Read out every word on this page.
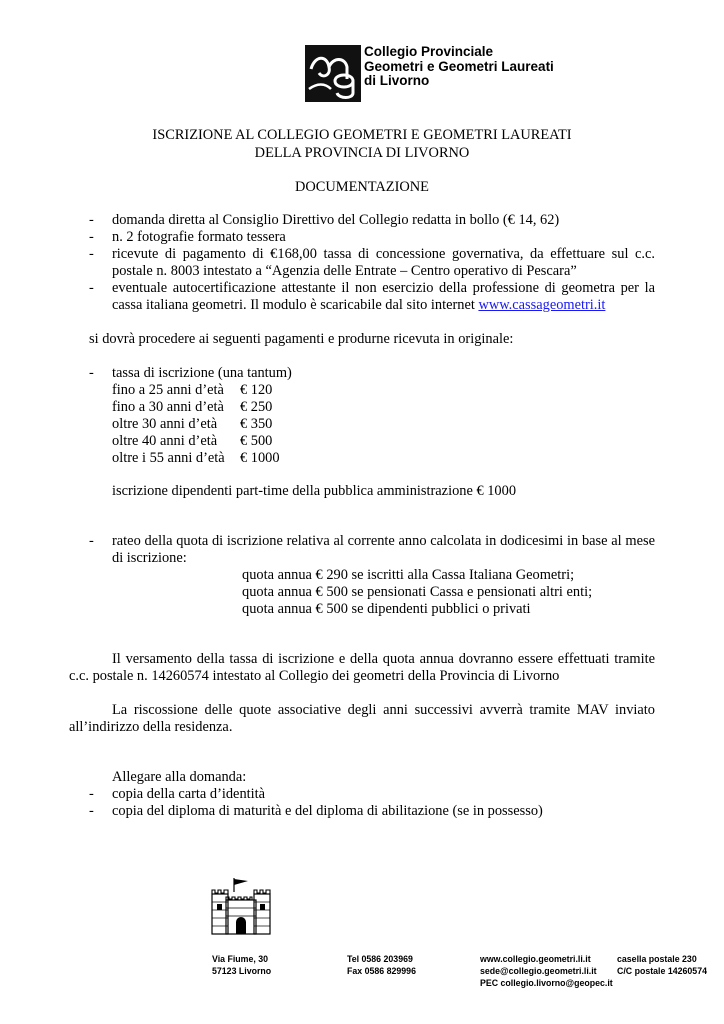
Collegio Provinciale
Geometri e Geometri Laureati
di Livorno
ISCRIZIONE AL COLLEGIO GEOMETRI E GEOMETRI LAUREATI
DELLA PROVINCIA DI LIVORNO
DOCUMENTAZIONE
- domanda diretta al Consiglio Direttivo del Collegio redatta in bollo (€ 14, 62)
- n. 2 fotografie formato tessera
- ricevute di pagamento di €168,00 tassa di concessione governativa, da effettuare sul c.c. postale n. 8003 intestato a “Agenzia delle Entrate – Centro operativo di Pescara”
- eventuale autocertificazione attestante il non esercizio della professione di geometra per la cassa italiana geometri. Il modulo è scaricabile dal sito internet www.cassageometri.it
si dovrà procedere ai seguenti pagamenti e produrne ricevuta in originale:
- tassa di iscrizione (una tantum)
fino a 25 anni d’età € 120
fino a 30 anni d’età € 250
oltre 30 anni d’età € 350
oltre 40 anni d’età € 500
oltre i 55 anni d’età € 1000
iscrizione dipendenti part-time della pubblica amministrazione € 1000
- rateo della quota di iscrizione relativa al corrente anno calcolata in dodicesimi in base al mese di iscrizione:
quota annua € 290 se iscritti alla Cassa Italiana Geometri;
quota annua € 500 se pensionati Cassa e pensionati altri enti;
quota annua € 500 se dipendenti pubblici o privati
Il versamento della tassa di iscrizione e della quota annua dovranno essere effettuati tramite c.c. postale n. 14260574 intestato al Collegio dei geometri della Provincia di Livorno
La riscossione delle quote associative degli anni successivi avverrà tramite MAV inviato all’indirizzo della residenza.
Allegare alla domanda:
- copia della carta d’identità
- copia del diploma di maturità e del diploma di abilitazione (se in possesso)
Via Fiume, 30
57123 Livorno
Tel 0586 203969
Fax 0586 829996
www.collegio.geometri.li.it
sede@collegio.geometri.li.it
PEC collegio.livorno@geopec.it
casella postale 230
C/C postale 14260574
